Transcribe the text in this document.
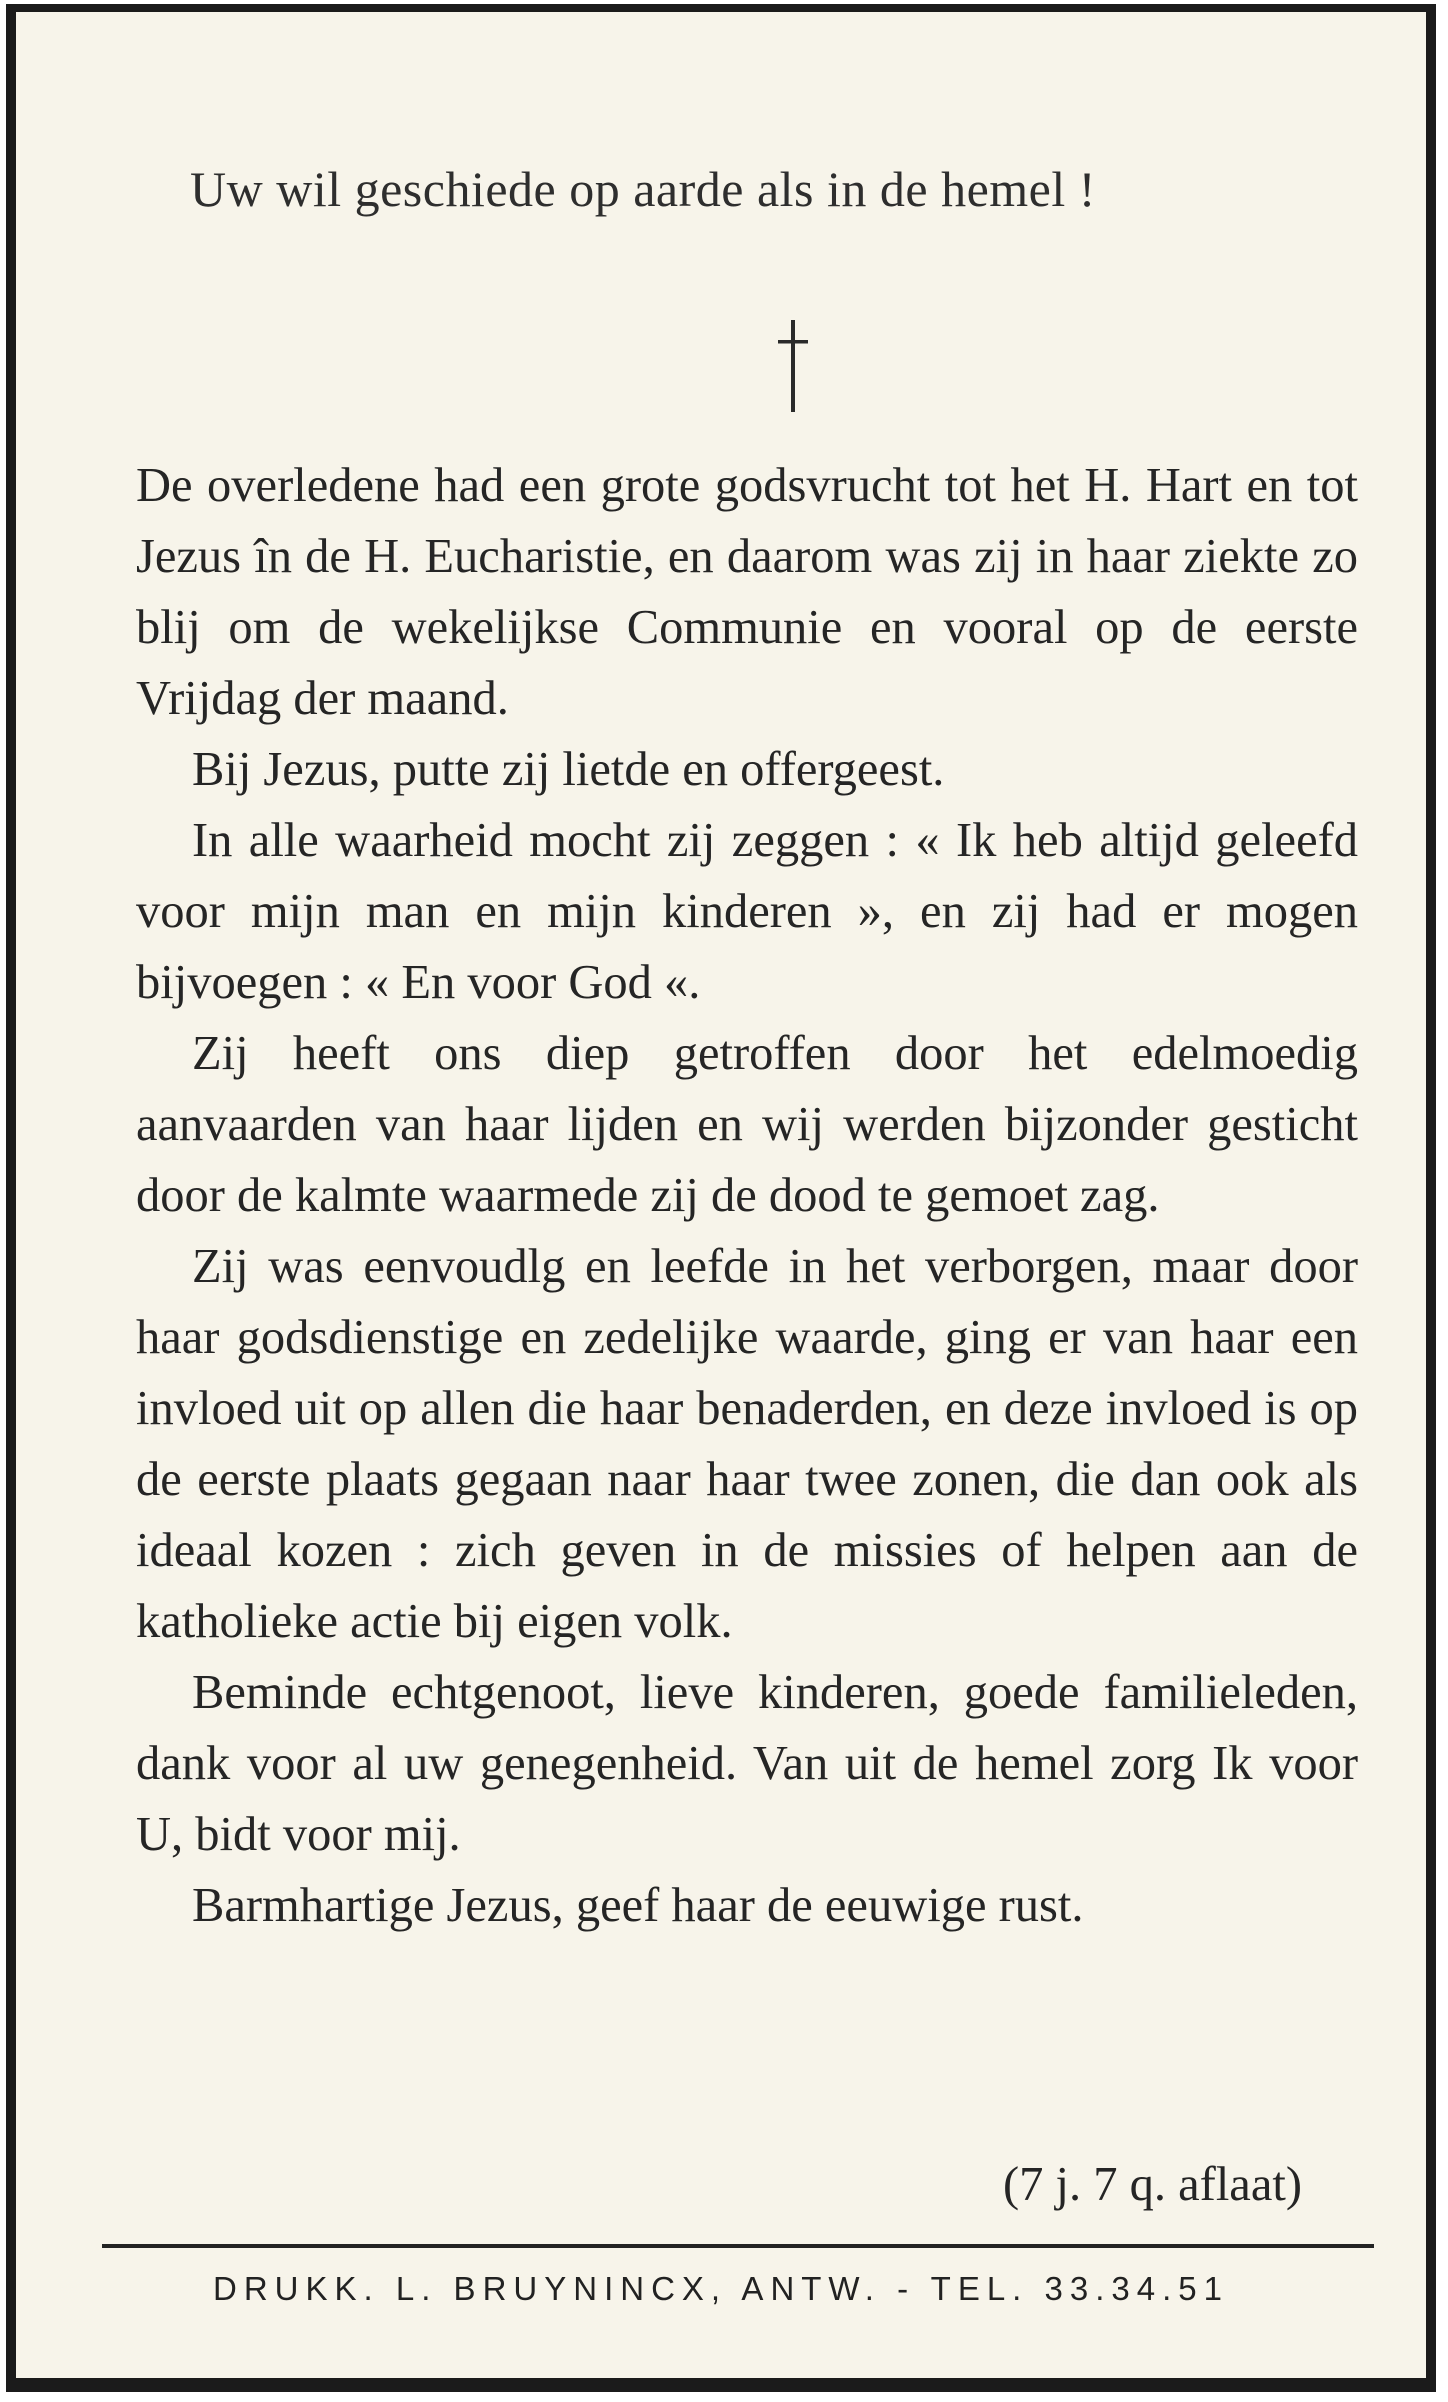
Uw wil geschiede op aarde als in de hemel !

De overledene had een grote godsvrucht tot het H. Hart en tot Jezus în de H. Eucharistie, en daarom was zij in haar ziekte zo blij om de wekelijkse Communie en vooral op de eerste Vrijdag der maand.

Bij Jezus, putte zij lietde en offergeest.

In alle waarheid mocht zij zeggen : « Ik heb altijd geleefd voor mijn man en mijn kinderen », en zij had er mogen bijvoegen : « En voor God «.

Zij heeft ons diep getroffen door het edelmoedig aanvaarden van haar lijden en wij werden bijzonder gesticht door de kalmte waarmede zij de dood te gemoet zag.

Zij was eenvoudlg en leefde in het verborgen, maar door haar godsdienstige en zedelijke waarde, ging er van haar een invloed uit op allen die haar benaderden, en deze invloed is op de eerste plaats gegaan naar haar twee zonen, die dan ook als ideaal kozen : zich geven in de missies of helpen aan de katholieke actie bij eigen volk.

Beminde echtgenoot, lieve kinderen, goede familieleden, dank voor al uw genegenheid. Van uit de hemel zorg Ik voor U, bidt voor mij.

Barmhartige Jezus, geef haar de eeuwige rust.

(7 j. 7 q. aflaat)
DRUKK. L. BRUYNINCX, ANTW. - TEL. 33.34.51
